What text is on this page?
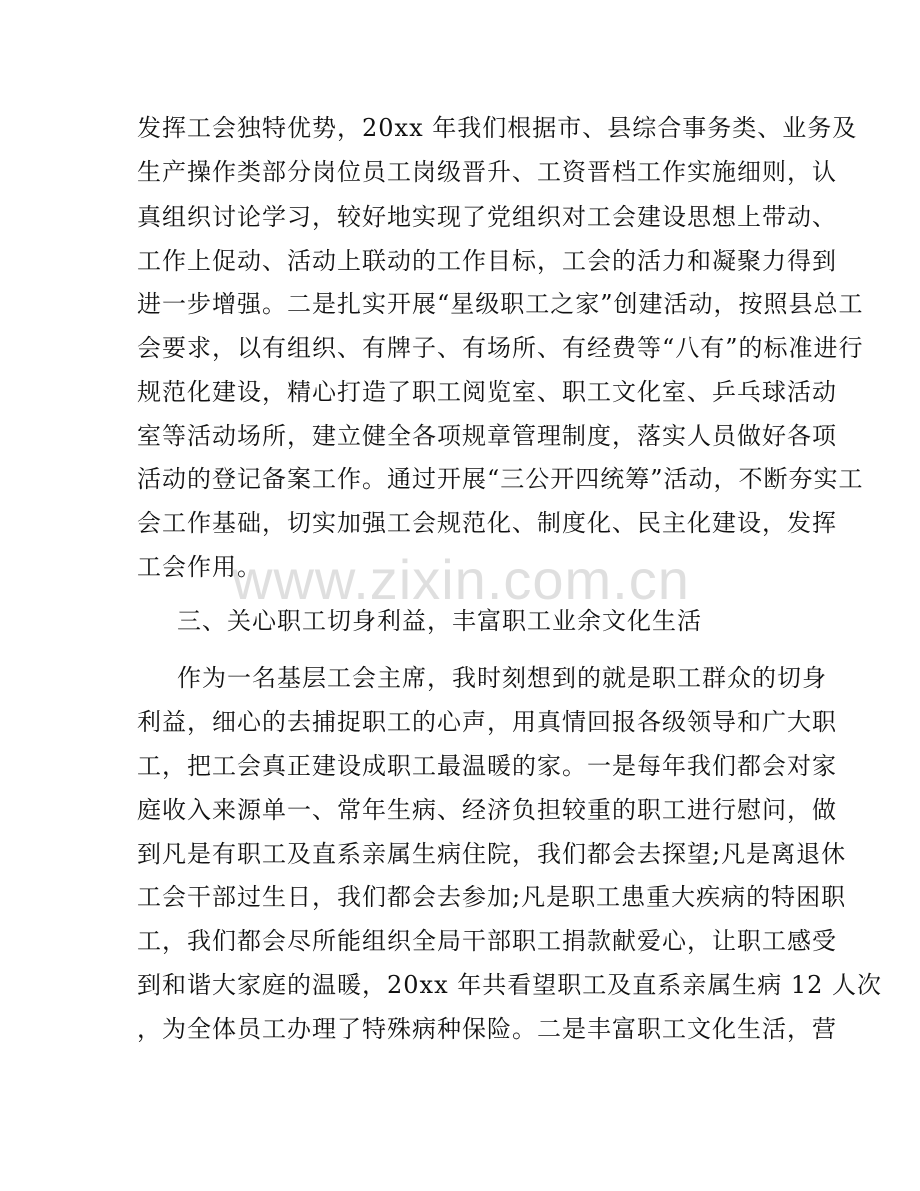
发挥工会独特优势，20xx 年我们根据市、县综合事务类、业务及
生产操作类部分岗位员工岗级晋升、工资晋档工作实施细则，认
真组织讨论学习，较好地实现了党组织对工会建设思想上带动、
工作上促动、活动上联动的工作目标，工会的活力和凝聚力得到
进一步增强。二是扎实开展“星级职工之家”创建活动，按照县总工
会要求，以有组织、有牌子、有场所、有经费等“八有”的标准进行
规范化建设，精心打造了职工阅览室、职工文化室、乒乓球活动
室等活动场所，建立健全各项规章管理制度，落实人员做好各项
活动的登记备案工作。通过开展“三公开四统筹”活动，不断夯实工
会工作基础，切实加强工会规范化、制度化、民主化建设，发挥
工会作用。
三、关心职工切身利益，丰富职工业余文化生活
作为一名基层工会主席，我时刻想到的就是职工群众的切身
利益，细心的去捕捉职工的心声，用真情回报各级领导和广大职
工，把工会真正建设成职工最温暖的家。一是每年我们都会对家
庭收入来源单一、常年生病、经济负担较重的职工进行慰问，做
到凡是有职工及直系亲属生病住院，我们都会去探望;凡是离退休
工会干部过生日，我们都会去参加;凡是职工患重大疾病的特困职
工，我们都会尽所能组织全局干部职工捐款献爱心，让职工感受
到和谐大家庭的温暖，20xx 年共看望职工及直系亲属生病 12 人次
，为全体员工办理了特殊病种保险。二是丰富职工文化生活，营
www.zixin.com.cn
